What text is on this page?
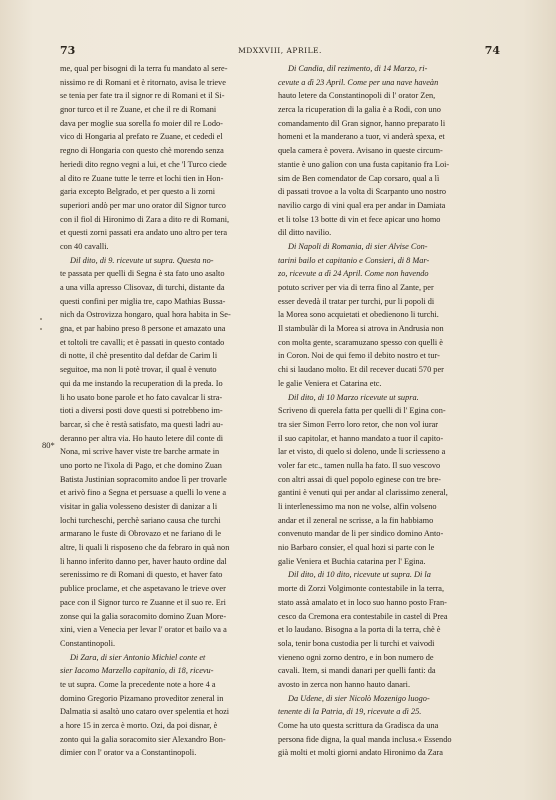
73	MDXXVIII, APRILE.	74
me, qual per bisogni di la terra fu mandato al sere-
nissimo re di Romani et è ritornato, avisa le trieve
se tenia per fate tra il signor re di Romani et il Si-
gnor turco et il re Zuane, et che il re di Romani
dava per moglie sua sorella fo moier dil re Lodo-
vico di Hongaria al prefato re Zuane, et cededi el
regno di Hongaria con questo chè morendo senza
heriedi dito regno vegni a lui, et che 'l Turco ciede
al dito re Zuane tutte le terre et lochi tien in Hon-
garia excepto Belgrado, et per questo a li zorni
superiori andò per mar uno orator dil Signor turco
con il fiol di Hironimo di Zara a dito re di Romani,
et questi zorni passati era andato uno altro per tera
con 40 cavalli.
Dil dito, di 9. ricevute ut supra. Questa no-
te passata per quelli di Segna è sta fato uno asalto
a una villa apresso Clisovaz, di turchi, distante da
questi confini per miglia tre, capo Mathias Bussa-
nich da Ostrovizza hongaro, qual hora habita in Se-
gna, et par habino preso 8 persone et amazato una
et toltoli tre cavalli; et è passati in questo contado
di notte, il chè presentito dal defdar de Carim li
seguitoe, ma non li potè trovar, il qual è venuto
qui da me instando la recuperation di la preda. Io
li ho usato bone parole et ho fato cavalcar li stra-
tioti a diversi posti dove questi si potrebbeno im-
barcar, sì che è restà satisfato, ma questi ladri au-
deranno per altra via. Ho hauto letere dil conte di
Nona, mi scrive haver viste tre barche armate in
uno porto ne l'ixola di Pago, et che domino Zuan
Batista Justinian sopracomito andoe lì per trovarle
et arivò fino a Segna et persuase a quelli lo vene a
visitar in galia volesseno desister di danizar a li
lochi turcheschi, perchè sariano causa che turchi
armarano le fuste di Obrovazo et ne fariano di le
altre, li quali li risposeno che da febraro in quà non
li hanno inferito danno per, haver hauto ordine dal
serenissimo re di Romani di questo, et haver fato
publice proclame, et che aspetavano le trieve over
pace con il Signor turco re Zuanne et il suo re. Eri
zonse qui la galia soracomito domino Zuan More-
xini, vien a Venecia per levar l' orator et bailo va a
Constantinopoli.
Di Zara, di sier Antonio Michiel conte et
sier Iacomo Marzello capitanio, di 18, ricevu-
te ut supra. Come la precedente note a hore 4 a
domino Gregorio Pizamano proveditor zeneral in
Dalmatia si asaltò uno cataro over spelentia et hozi
a hore 15 in zerca è morto. Ozi, da poi disnar, è
zonto qui la galia soracomito sier Alexandro Bon-
dimier con l' orator va a Constantinopoli.
Di Candia, dil rezimento, di 14 Marzo, ri-
cevute a dì 23 April. Come per una nave haveàn
hauto letere da Constantinopoli di l' orator Zen,
zerca la ricuperation di la galia è a Rodi, con uno
comandamento dil Gran signor, hanno preparato li
homeni et la manderano a tuor, vi anderà spexa, et
quela camera è povera. Avisano in queste circum-
stantie è uno galion con una fusta capitanio fra Loi-
sim de Ben comendator de Cap corsaro, qual a lì
di passati trovoe a la volta di Scarpanto uno nostro
navilio cargo di vini qual era per andar in Damiata
et li tolse 13 botte di vin et fece apicar uno homo
dil ditto navilio.
Di Napoli di Romania, di sier Alvise Con-
tarini bailo et capitanio e Consieri, di 8 Mar-
zo, ricevute a dì 24 April. Come non havendo
potuto scriver per via di terra fino al Zante, per
esser devedà il tratar per turchi, pur li popoli di
la Morea sono acquietati et obedienono li turchi.
Il stambulàr di la Morea si atrova in Andrusia non
con molta gente, scaramuzano spesso con quelli è
in Coron. Noi de qui femo il debito nostro et tur-
chi si laudano molto. Et dil recever ducati 570 per
le galie Veniera et Catarina etc.
Dil dito, di 10 Marzo ricevute ut supra.
Scriveno di querela fatta per quelli di l' Egina con-
tra sier Simon Ferro loro retor, che non vol iurar
il suo capitolar, et hanno mandato a tuor il capito-
lar et visto, di quelo si doleno, unde li scriesseno a
voler far etc., tamen nulla ha fato. Il suo vescovo
con altri assai di quel popolo eginese con tre bre-
gantini è venuti qui per andar al clarissimo zeneral,
li interlenessimo ma non ne volse, alfin volseno
andar et il zeneral ne scrisse, a la fin habbiamo
convenuto mandar de li per sindico domino Anto-
nio Barbaro consier, el qual hozi si parte con le
galie Veniera et Buchia catarina per l' Egina.
Dil dito, di 10 dito, ricevute ut supra. Di la
morte di Zorzi Volgimonte contestabile in la terra,
stato assà amalato et in loco suo hanno posto Fran-
cesco da Cremona era contestabile in castel di Prea
et lo laudano. Bisogna a la porta di la terra, chè è
sola, tenir bona custodia per li turchi et vaivodi
vieneno ogni zorno dentro, e in bon numero de
cavali. Item, si mandi danari per quelli fanti: da
avosto in zerca non hanno hauto danari.
Da Udene, di sier Nicolò Mozenigo luogo-
tenente di la Patria, di 19, ricevute a dì 25.
Come ha uto questa scrittura da Gradisca da una
persona fide digna, la qual manda inclusa.« Essendo
già molti et molti giorni andato Hironimo da Zara
80*
